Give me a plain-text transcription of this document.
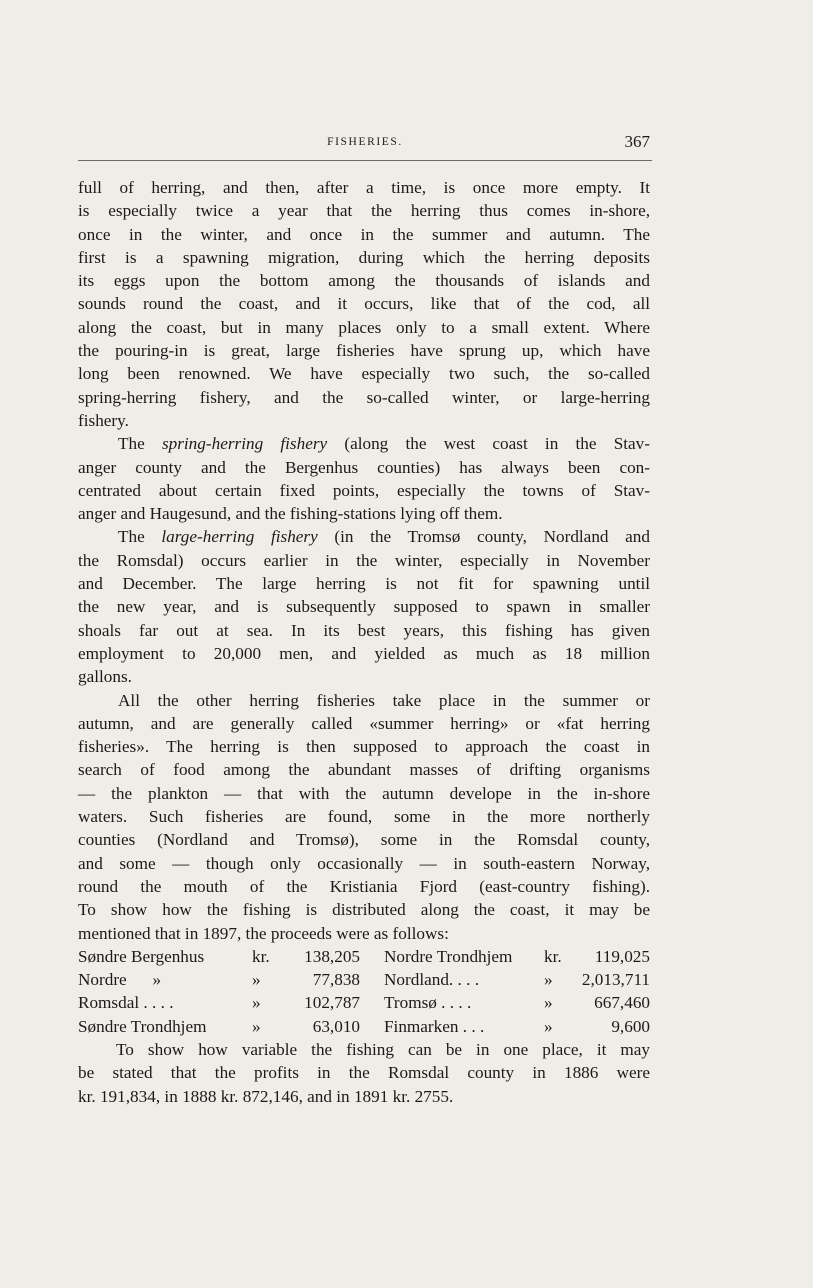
FISHERIES.	367
full of herring, and then, after a time, is once more empty. It
is especially twice a year that the herring thus comes in-shore,
once in the winter, and once in the summer and autumn. The
first is a spawning migration, during which the herring deposits
its eggs upon the bottom among the thousands of islands and
sounds round the coast, and it occurs, like that of the cod, all
along the coast, but in many places only to a small extent. Where
the pouring-in is great, large fisheries have sprung up, which have
long been renowned. We have especially two such, the so-called
spring-herring fishery, and the so-called winter, or large-herring
fishery.
The spring-herring fishery (along the west coast in the Stav-
anger county and the Bergenhus counties) has always been con-
centrated about certain fixed points, especially the towns of Stav-
anger and Haugesund, and the fishing-stations lying off them.
The large-herring fishery (in the Tromsø county, Nordland and
the Romsdal) occurs earlier in the winter, especially in November
and December. The large herring is not fit for spawning until
the new year, and is subsequently supposed to spawn in smaller
shoals far out at sea. In its best years, this fishing has given
employment to 20,000 men, and yielded as much as 18 million
gallons.
All the other herring fisheries take place in the summer or
autumn, and are generally called «summer herring» or «fat herring
fisheries». The herring is then supposed to approach the coast in
search of food among the abundant masses of drifting organisms
— the plankton — that with the autumn develope in the in-shore
waters. Such fisheries are found, some in the more northerly
counties (Nordland and Tromsø), some in the Romsdal county,
and some — though only occasionally — in south-eastern Norway,
round the mouth of the Kristiania Fjord (east-country fishing).
To show how the fishing is distributed along the coast, it may be
mentioned that in 1897, the proceeds were as follows:
Søndre Bergenhus	kr.	138,205	Nordre Trondhjem	kr.	119,025
Nordre      »	»	77,838	Nordland. . . .	»	2,013,711
Romsdal . . . .	»	102,787	Tromsø . . . .	»	667,460
Søndre Trondhjem	»	63,010	Finmarken . . .	»	9,600
To show how variable the fishing can be in one place, it may
be stated that the profits in the Romsdal county in 1886 were
kr. 191,834, in 1888 kr. 872,146, and in 1891 kr. 2755.
